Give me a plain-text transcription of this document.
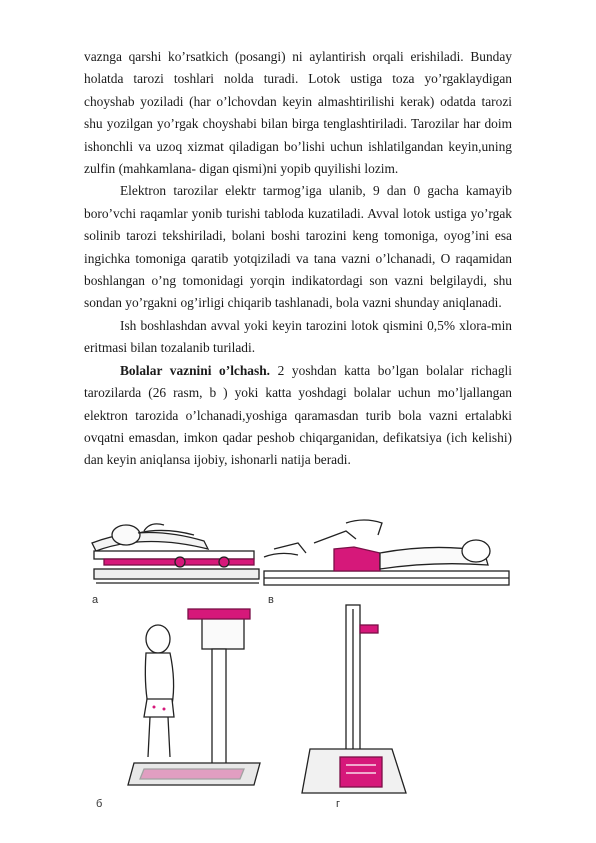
vaznga qarshi ko’rsatkich (posangi) ni aylantirish orqali erishiladi. Bunday holatda tarozi toshlari nolda turadi. Lotok ustiga toza yo’rgaklaydigan choyshab yoziladi (har o’lchovdan keyin almashtirilishi kerak) odatda tarozi shu yozilgan yo’rgak choyshabi bilan birga tenglashtiriladi. Tarozilar har doim ishonchli va uzoq xizmat qiladigan bo’lishi uchun ishlatilgandan keyin,uning zulfin (mahkamlana- digan qismi)ni yopib quyilishi lozim.

Elektron tarozilar elektr tarmog’iga ulanib, 9 dan 0 gacha kamayib boro’vchi raqamlar yonib turishi tabloda kuzatiladi. Avval lotok ustiga yo’rgak solinib tarozi tekshiriladi, bolani boshi tarozini keng tomoniga, oyog’ini esa ingichka tomoniga qaratib yotqiziladi va tana vazni o’lchanadi, O raqamidan boshlangan o’ng tomonidagi yorqin indikatordagi son vazni belgilaydi, shu sondan yo’rgakni og’irligi chiqarib tashlanadi, bola vazni shunday aniqlanadi.

Ish boshlashdan avval yoki keyin tarozini lotok qismini 0,5% xlora-min eritmasi bilan tozalanib turiladi.

Bolalar vaznini o’lchash. 2 yoshdan katta bo’lgan bolalar richagli tarozilarda (26 rasm, b ) yoki katta yoshdagi bolalar uchun mo’ljallangan elektron tarozida o’lchanadi,yoshiga qaramasdan turib bola vazni ertalabki ovqatni emasdan, imkon qadar peshob chiqarganidan, defikatsiya (ich kelishi) dan keyin aniqlansa ijobiy, ishonarli natija beradi.

а	в
б	г
